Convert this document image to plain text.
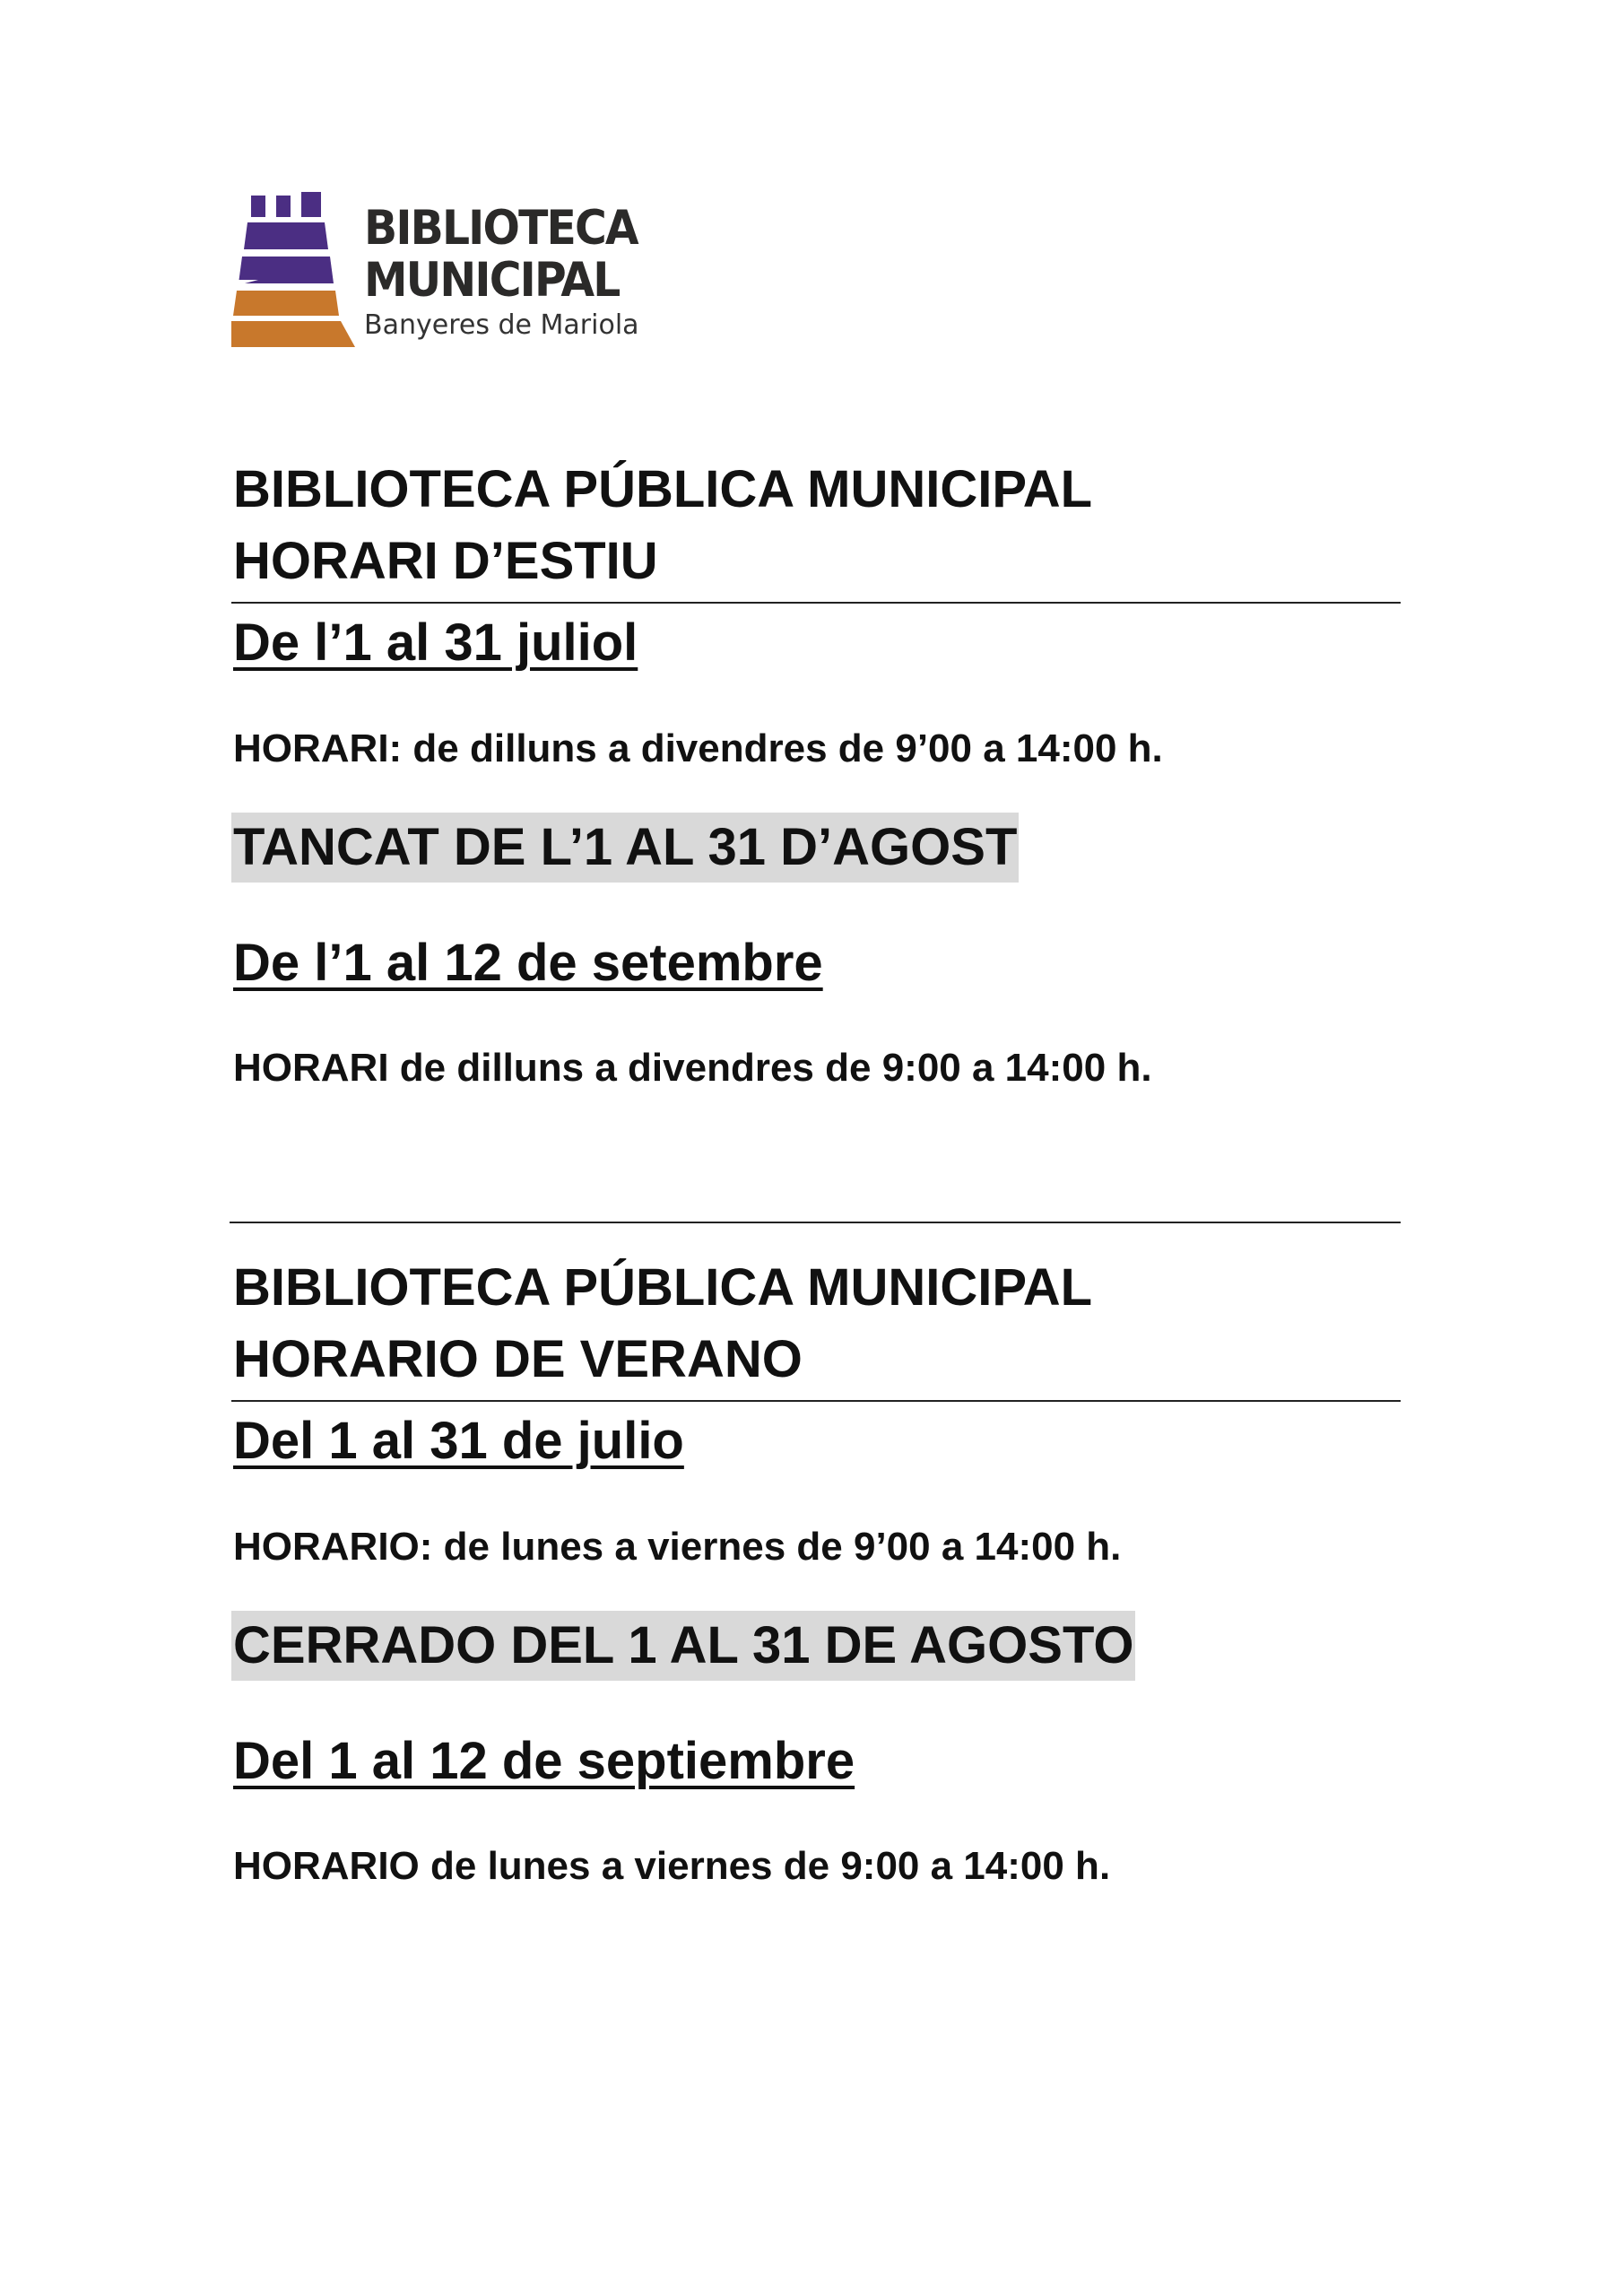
BIBLIOTECA
MUNICIPAL
Banyeres de Mariola
BIBLIOTECA PÚBLICA MUNICIPAL
HORARI D’ESTIU
De l’1 al 31 juliol
HORARI: de dilluns a divendres de 9’00 a 14:00 h.
TANCAT DE L’1 AL 31 D’AGOST
De l’1 al 12 de setembre
HORARI de dilluns a divendres de 9:00 a 14:00 h.
BIBLIOTECA PÚBLICA MUNICIPAL
HORARIO DE VERANO
Del 1 al 31 de julio
HORARIO: de lunes a viernes de 9’00 a 14:00 h.
CERRADO DEL 1 AL 31 DE AGOSTO
Del 1 al 12 de septiembre
HORARIO de lunes a viernes de 9:00 a 14:00 h.
